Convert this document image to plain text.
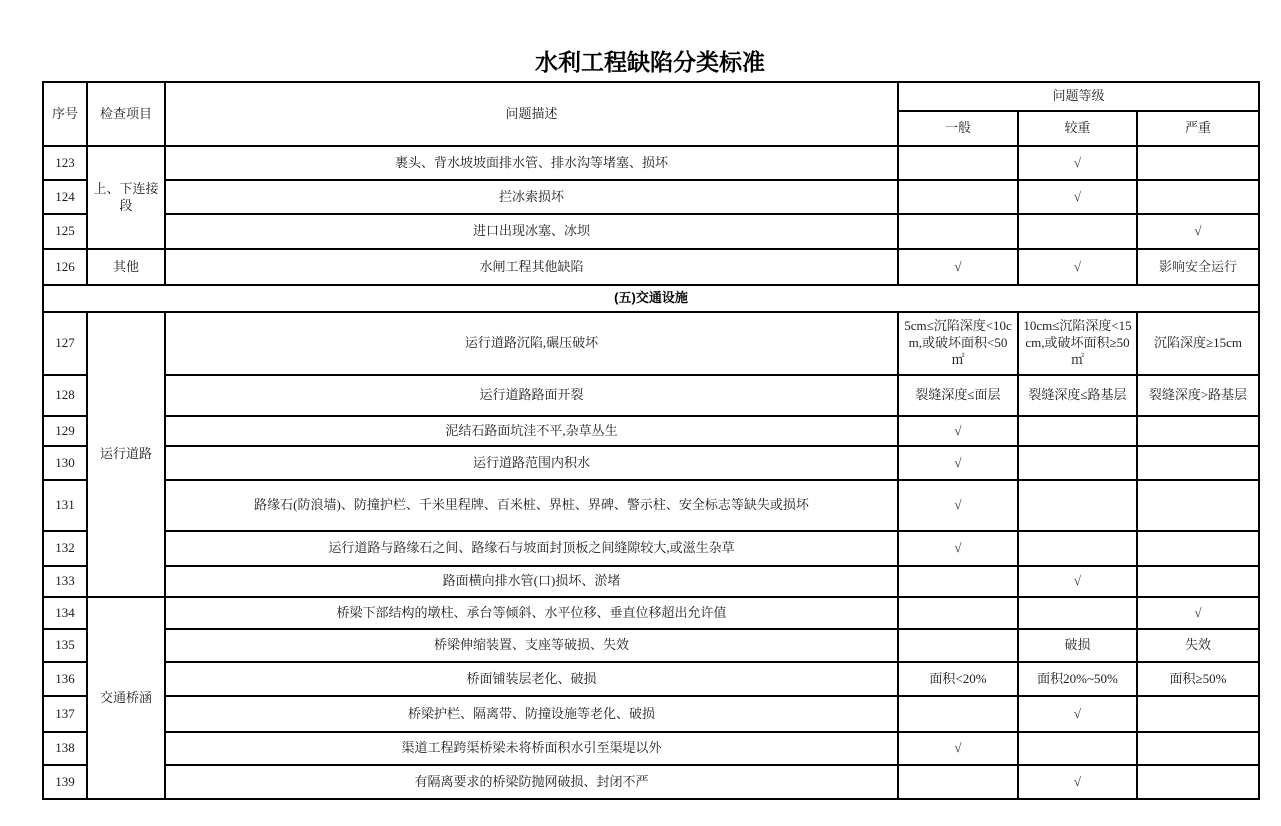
水利工程缺陷分类标准
序号	检查项目	问题描述	问题等级		
			一般	较重	严重
123	上、下连接段	裹头、背水坡坡面排水管、排水沟等堵塞、损坏		√	
124		拦冰索损坏		√	
125		进口出现冰塞、冰坝			√
126	其他	水闸工程其他缺陷	√	√	影响安全运行
(五)交通设施					
127	运行道路	运行道路沉陷,碾压破坏	5cm≤沉陷深度<10cm,或破坏面积<50㎡	10cm≤沉陷深度<15cm,或破坏面积≥50㎡	沉陷深度≥15cm
128		运行道路路面开裂	裂缝深度≤面层	裂缝深度≤路基层	裂缝深度>路基层
129		泥结石路面坑洼不平,杂草丛生	√		
130		运行道路范围内积水	√		
131		路缘石(防浪墙)、防撞护栏、千米里程牌、百米桩、界桩、界碑、警示柱、安全标志等缺失或损坏	√		
132		运行道路与路缘石之间、路缘石与坡面封顶板之间缝隙较大,或滋生杂草	√		
133		路面横向排水管(口)损坏、淤堵		√	
134	交通桥涵	桥梁下部结构的墩柱、承台等倾斜、水平位移、垂直位移超出允许值			√
135		桥梁伸缩装置、支座等破损、失效		破损	失效
136		桥面铺装层老化、破损	面积<20%	面积20%~50%	面积≥50%
137		桥梁护栏、隔离带、防撞设施等老化、破损		√	
138		渠道工程跨渠桥梁未将桥面积水引至渠堤以外	√		
139		有隔离要求的桥梁防抛网破损、封闭不严		√	
